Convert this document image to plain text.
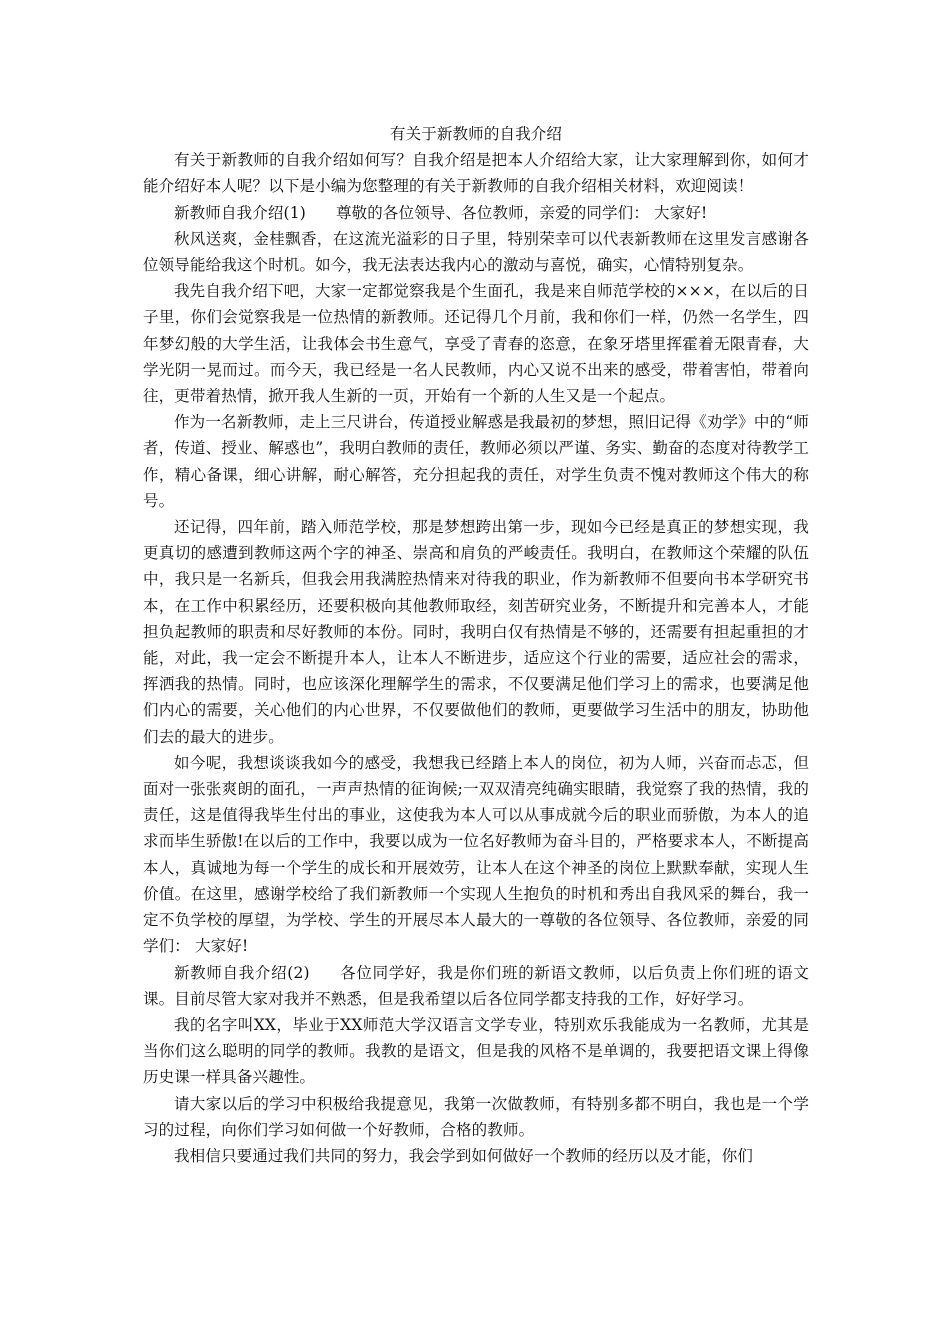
有关于新教师的自我介绍

有关于新教师的自我介绍如何写？自我介绍是把本人介绍给大家，让大家理解到你，如何才能介绍好本人呢？以下是小编为您整理的有关于新教师的自我介绍相关材料，欢迎阅读！

新教师自我介绍(1) 尊敬的各位领导、各位教师，亲爱的同学们： 大家好!

秋风送爽，金桂飘香，在这流光溢彩的日子里，特别荣幸可以代表新教师在这里发言感谢各位领导能给我这个时机。如今，我无法表达我内心的激动与喜悦，确实，心情特别复杂。

我先自我介绍下吧，大家一定都觉察我是个生面孔，我是来自师范学校的×××，在以后的日子里，你们会觉察我是一位热情的新教师。还记得几个月前，我和你们一样，仍然一名学生，四年梦幻般的大学生活，让我体会书生意气，享受了青春的恣意，在象牙塔里挥霍着无限青春，大学光阴一晃而过。而今天，我已经是一名人民教师，内心又说不出来的感受，带着害怕，带着向往，更带着热情，掀开我人生新的一页，开始有一个新的人生又是一个起点。

作为一名新教师，走上三尺讲台，传道授业解惑是我最初的梦想，照旧记得《劝学》中的“师者，传道、授业、解惑也”，我明白教师的责任，教师必须以严谨、务实、勤奋的态度对待教学工作，精心备课，细心讲解，耐心解答，充分担起我的责任，对学生负责不愧对教师这个伟大的称号。

还记得，四年前，踏入师范学校，那是梦想跨出第一步，现如今已经是真正的梦想实现，我更真切的感遭到教师这两个字的神圣、崇高和肩负的严峻责任。我明白，在教师这个荣耀的队伍中，我只是一名新兵，但我会用我满腔热情来对待我的职业，作为新教师不但要向书本学研究书本，在工作中积累经历，还要积极向其他教师取经，刻苦研究业务，不断提升和完善本人，才能担负起教师的职责和尽好教师的本份。同时，我明白仅有热情是不够的，还需要有担起重担的才能，对此，我一定会不断提升本人，让本人不断进步，适应这个行业的需要，适应社会的需求，挥洒我的热情。同时，也应该深化理解学生的需求，不仅要满足他们学习上的需求，也要满足他们内心的需要，关心他们的内心世界，不仅要做他们的教师，更要做学习生活中的朋友，协助他们去的最大的进步。

如今呢，我想谈谈我如今的感受，我想我已经踏上本人的岗位，初为人师，兴奋而忐忑，但面对一张张爽朗的面孔，一声声热情的征询候;一双双清亮纯确实眼睛，我觉察了我的热情，我的责任，这是值得我毕生付出的事业，这使我为本人可以从事成就今后的职业而骄傲，为本人的追求而毕生骄傲!在以后的工作中，我要以成为一位名好教师为奋斗目的，严格要求本人，不断提高本人，真诚地为每一个学生的成长和开展效劳，让本人在这个神圣的岗位上默默奉献，实现人生价值。在这里，感谢学校给了我们新教师一个实现人生抱负的时机和秀出自我风采的舞台，我一定不负学校的厚望，为学校、学生的开展尽本人最大的一尊敬的各位领导、各位教师，亲爱的同学们： 大家好!

新教师自我介绍(2) 各位同学好，我是你们班的新语文教师，以后负责上你们班的语文课。目前尽管大家对我并不熟悉，但是我希望以后各位同学都支持我的工作，好好学习。

我的名字叫XX，毕业于XX师范大学汉语言文学专业，特别欢乐我能成为一名教师，尤其是当你们这么聪明的同学的教师。我教的是语文，但是我的风格不是单调的，我要把语文课上得像历史课一样具备兴趣性。

请大家以后的学习中积极给我提意见，我第一次做教师，有特别多都不明白，我也是一个学习的过程，向你们学习如何做一个好教师，合格的教师。

我相信只要通过我们共同的努力，我会学到如何做好一个教师的经历以及才能，你们
